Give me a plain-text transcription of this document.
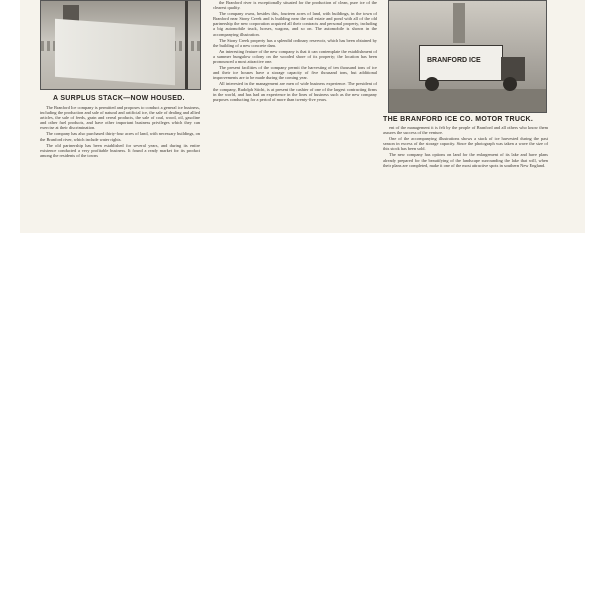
A SURPLUS STACK—NOW HOUSED.

The Branford Ice company is permitted and proposes to conduct a general ice business, including the production and sale of natural and artificial ice, the sale of dealing and allied articles, the sale of feeds, grain and cereal products, the sale of coal, wood, oil, gasoline and other fuel products, and have other important business privileges which they can exercise at their discrimination.

The company has also purchased thirty-four acres of land, with necessary buildings, on the Branford river, which include water rights.

The old partnership has been established for several years, and during its entire existence conducted a very profitable business. It found a ready market for its product among the residents of the towns

the Branford river is exceptionally situated for the production of clean, pure ice of the clearest quality.

The company owns, besides this, fourteen acres of land, with buildings, in the town of Branford near Stony Creek and is building near the rail estate and pond with all of the old partnership the new corporation acquired all their contracts and personal property, including a big automobile truck, horses, wagons, and so on. The automobile is shown in the accompanying illustration.

The Stony Creek property has a splendid ordinary reservoir, which has been obtained by the building of a new concrete dam.

An interesting feature of the new company is that it can contemplate the establishment of a summer bungalow colony on the wooded shore of its property; the location has been pronounced a most attractive one.

The present facilities of the company permit the harvesting of ten thousand tons of ice and their ice houses have a storage capacity of five thousand tons, but additional improvements are to be made during the coming year.

All interested in the management are men of wide business experience. The president of the company, Rudolph Sticht, is at present the cashier of one of the largest contracting firms in the world, and has had an experience in the lines of business such as the new company purposes conducting for a period of more than twenty-five years.

BRANFORD ICE
THE BRANFORD ICE CO. MOTOR TRUCK.

ent of the management it is felt by the people of Branford and all others who know them assures the success of the venture.

One of the accompanying illustrations shows a stack of ice harvested during the past season in excess of the storage capacity. Since the photograph was taken a wave the size of this stock has been sold.

The new company has options on land for the enlargement of its lake and have plans already prepared for the beautifying of the landscape surrounding the lake that will, when their plans are completed, make it one of the most attractive spots in southern New England.
